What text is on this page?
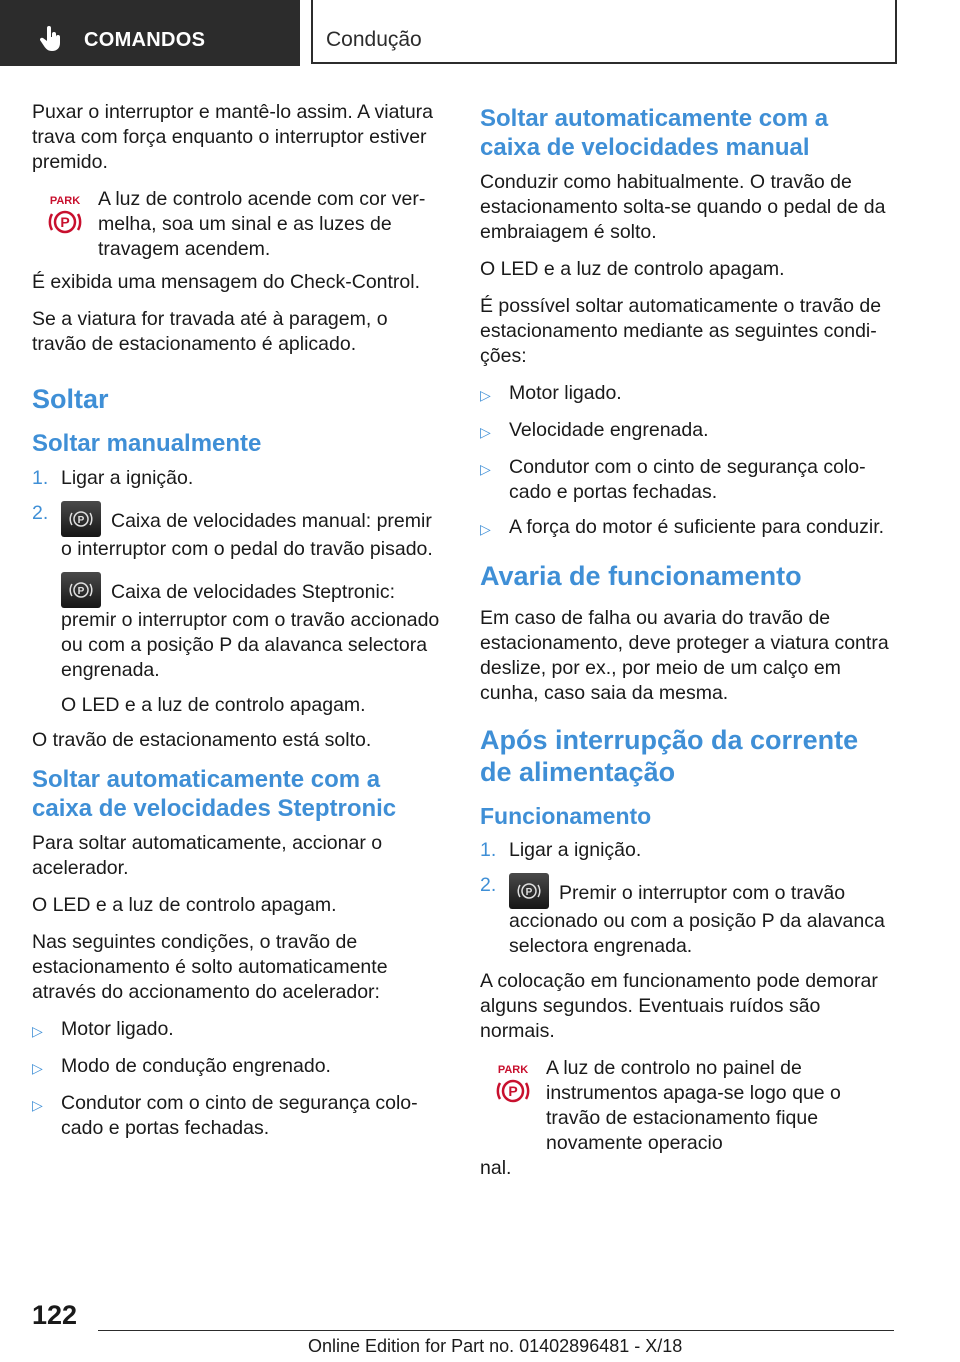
COMANDOS	Condução

Puxar o interruptor e mantê-lo assim. A viatura trava com força enquanto o interruptor estiver premido.

PARK
P
A luz de controlo acende com cor vermelha, soa um sinal e as luzes de travagem acendem.

É exibida uma mensagem do Check-Control.

Se a viatura for travada até à paragem, o travão de estacionamento é aplicado.

Soltar
Soltar manualmente
1. Ligar a ignição.
2.	P Caixa de velocidades manual: premir o interruptor com o pedal do travão pisado.
P Caixa de velocidades Steptronic: premir o interruptor com o travão accionado ou com a posição P da alavanca selectora engrenada.
O LED e a luz de controlo apagam.

O travão de estacionamento está solto.

Soltar automaticamente com a caixa de velocidades Steptronic

Para soltar automaticamente, accionar o acelerador.

O LED e a luz de controlo apagam.

Nas seguintes condições, o travão de estacionamento é solto automaticamente através do accionamento do acelerador:

▷ Motor ligado.
▷ Modo de condução engrenado.
▷ Condutor com o cinto de segurança colocado e portas fechadas.
Soltar automaticamente com a caixa de velocidades manual

Conduzir como habitualmente. O travão de estacionamento solta-se quando o pedal de da embraiagem é solto.

O LED e a luz de controlo apagam.

É possível soltar automaticamente o travão de estacionamento mediante as seguintes condições:

▷ Motor ligado.
▷ Velocidade engrenada.
▷ Condutor com o cinto de segurança colocado e portas fechadas.
▷ A força do motor é suficiente para conduzir.
Avaria de funcionamento

Em caso de falha ou avaria do travão de estacionamento, deve proteger a viatura contra deslize, por ex., por meio de um calço em cunha, caso saia da mesma.

Após interrupção da corrente de alimentação
Funcionamento
1. Ligar a ignição.
2.	P Premir o interruptor com o travão accionado ou com a posição P da alavanca selectora engrenada.

A colocação em funcionamento pode demorar alguns segundos. Eventuais ruídos são normais.

PARK
P
A luz de controlo no painel de instrumentos apaga-se logo que o travão de estacionamento fique novamente operacio

nal.

122
Online Edition for Part no. 01402896481 - X/18
